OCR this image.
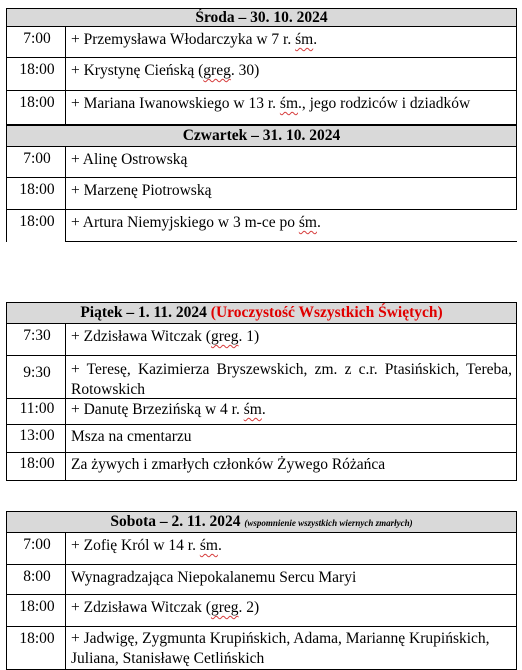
Środa – 30. 10. 2024
7:00	+ Przemysława Włodarczyka w 7 r. śm.
18:00	+ Krystynę Cieńską (greg. 30)
18:00	+ Mariana Iwanowskiego w 13 r. śm., jego rodziców i dziadków
Czwartek – 31. 10. 2024
7:00	+ Alinę Ostrowską
18:00	+ Marzenę Piotrowską
18:00	+ Artura Niemyjskiego w 3 m-ce po śm.
Piątek – 1. 11. 2024 (Uroczystość Wszystkich Świętych)
7:30	+ Zdzisława Witczak (greg. 1)
9:30	+ Teresę, Kazimierza Bryszewskich, zm. z c.r. Ptasińskich, Tereba, Rotowskich
11:00	+ Danutę Brzezińską w 4 r. śm.
13:00	Msza na cmentarzu
18:00	Za żywych i zmarłych członków Żywego Różańca
Sobota – 2. 11. 2024 (wspomnienie wszystkich wiernych zmarłych)
7:00	+ Zofię Król w 14 r. śm.
8:00	Wynagradzająca Niepokalanemu Sercu Maryi
18:00	+ Zdzisława Witczak (greg. 2)
18:00	+ Jadwigę, Zygmunta Krupińskich, Adama, Mariannę Krupińskich, Juliana, Stanisławę Cetlińskich
